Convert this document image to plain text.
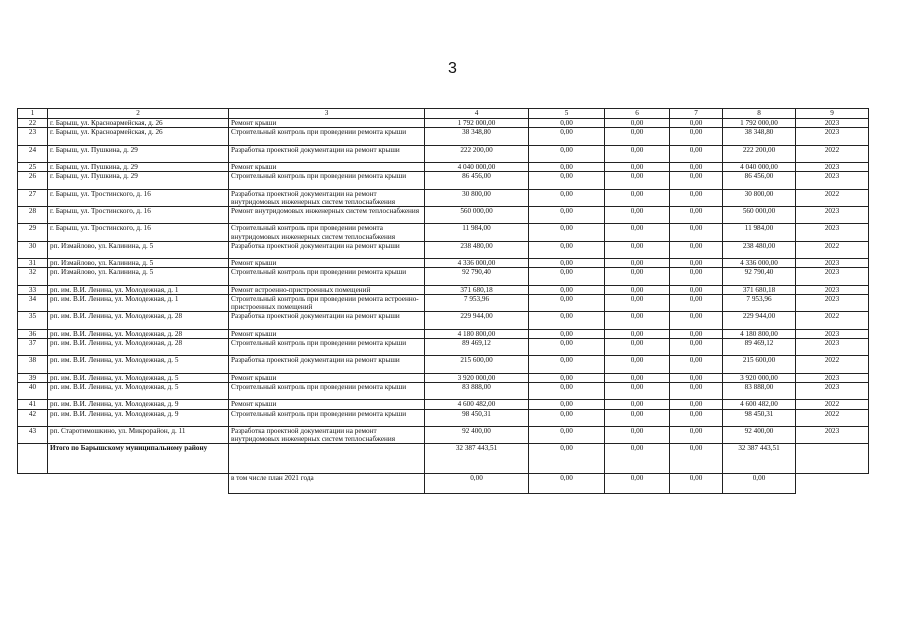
3
1	2	3	4	5	6	7	8	9
22	г. Барыш, ул. Красноармейская, д. 26	Ремонт крыши	1 792 000,00	0,00	0,00	0,00	1 792 000,00	2023
23	г. Барыш, ул. Красноармейская, д. 26	Строительный контроль при проведении ремонта крыши	38 348,80	0,00	0,00	0,00	38 348,80	2023
24	г. Барыш, ул. Пушкина, д. 29	Разработка проектной документации на ремонт крыши	222 200,00	0,00	0,00	0,00	222 200,00	2022
25	г. Барыш, ул. Пушкина, д. 29	Ремонт крыши	4 040 000,00	0,00	0,00	0,00	4 040 000,00	2023
26	г. Барыш, ул. Пушкина, д. 29	Строительный контроль при проведении ремонта крыши	86 456,00	0,00	0,00	0,00	86 456,00	2023
27	г. Барыш, ул. Тростинского, д. 16	Разработка проектной документации на ремонт внутридомовых инженерных систем теплоснабжения	30 800,00	0,00	0,00	0,00	30 800,00	2022
28	г. Барыш, ул. Тростинского, д. 16	Ремонт внутридомовых инженерных систем теплоснабжения	560 000,00	0,00	0,00	0,00	560 000,00	2023
29	г. Барыш, ул. Тростинского, д. 16	Строительный контроль при проведении ремонта внутридомовых инженерных систем теплоснабжения	11 984,00	0,00	0,00	0,00	11 984,00	2023
30	рп. Измайлово, ул. Калинина, д. 5	Разработка проектной документации на ремонт крыши	238 480,00	0,00	0,00	0,00	238 480,00	2022
31	рп. Измайлово, ул. Калинина, д. 5	Ремонт крыши	4 336 000,00	0,00	0,00	0,00	4 336 000,00	2023
32	рп. Измайлово, ул. Калинина, д. 5	Строительный контроль при проведении ремонта крыши	92 790,40	0,00	0,00	0,00	92 790,40	2023
33	рп. им. В.И. Ленина, ул. Молодежная, д. 1	Ремонт встроенно-пристроенных помещений	371 680,18	0,00	0,00	0,00	371 680,18	2023
34	рп. им. В.И. Ленина, ул. Молодежная, д. 1	Строительный контроль при проведении ремонта встроенно-пристроенных помещений	7 953,96	0,00	0,00	0,00	7 953,96	2023
35	рп. им. В.И. Ленина, ул. Молодежная, д. 28	Разработка проектной документации на ремонт крыши	229 944,00	0,00	0,00	0,00	229 944,00	2022
36	рп. им. В.И. Ленина, ул. Молодежная, д. 28	Ремонт крыши	4 180 800,00	0,00	0,00	0,00	4 180 800,00	2023
37	рп. им. В.И. Ленина, ул. Молодежная, д. 28	Строительный контроль при проведении ремонта крыши	89 469,12	0,00	0,00	0,00	89 469,12	2023
38	рп. им. В.И. Ленина, ул. Молодежная, д. 5	Разработка проектной документации на ремонт крыши	215 600,00	0,00	0,00	0,00	215 600,00	2022
39	рп. им. В.И. Ленина, ул. Молодежная, д. 5	Ремонт крыши	3 920 000,00	0,00	0,00	0,00	3 920 000,00	2023
40	рп. им. В.И. Ленина, ул. Молодежная, д. 5	Строительный контроль при проведении ремонта крыши	83 888,00	0,00	0,00	0,00	83 888,00	2023
41	рп. им. В.И. Ленина, ул. Молодежная, д. 9	Ремонт крыши	4 600 482,00	0,00	0,00	0,00	4 600 482,00	2022
42	рп. им. В.И. Ленина, ул. Молодежная, д. 9	Строительный контроль при проведении ремонта крыши	98 450,31	0,00	0,00	0,00	98 450,31	2022
43	рп. Старотимошкино, ул. Микрорайон, д. 11	Разработка проектной документации на ремонт внутридомовых инженерных систем теплоснабжения	92 400,00	0,00	0,00	0,00	92 400,00	2023
	Итого по Барышскому муниципальному району		32 387 443,51	0,00	0,00	0,00	32 387 443,51	
		в том числе план 2021 года	0,00	0,00	0,00	0,00	0,00	
